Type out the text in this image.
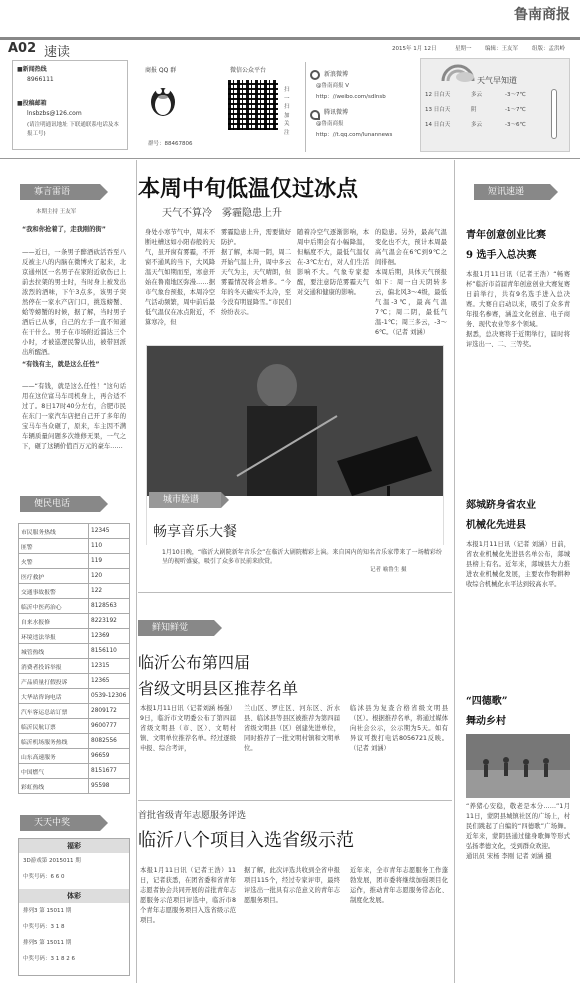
鲁南商报
A02 速读	2015年 1月 12日	星期一 编辑：王友军	组版：孟洪岭
■新闻热线
8966111
■投稿邮箱
lnsbzbs@126.com
(请注明通讯地址 下联通联系电话及本报工号)
商报 QQ 群
群号：88467806
微信公众平台
扫一扫 加关注
新浪微博
@鲁南商报 V
http：//weibo.com/sdlnsb
腾讯微博
@鲁南商报
http：//t.qq.com/lunannews
天气早知道
12 日白天	多云	-3～7℃
13 日白天	阴	-1～7℃
14 日白天	多云	-3～6℃
寡言雷语
本期主持 王友军
“我和你抢着了，走我刚的街”
——近日，一条男子醉酒砍活吞至八反被主八的内脑在微博火了起来，北京通州区一名男子在家附近砍伤已上前去拉架的男士时，当时身上被发出浓烈的酒味，下午3点多，该男子突然停在一家水产店门口，挑选螃蟹、蛤等螃蟹的时候，据了解，当时男子酒后已从事，自己的左手一直不知道在干什么。男子在市场附近溜达三个小时，才被巡逻民警认出，被带回派出所醒酒。
“有钱有主，就是这么任性”
——“有钱，就是这么任性！”这句话用在这位富马车司机身上，再合适不过了。8日17时40分左右，合肥市民在东门一家汽车店把自己开了多年的宝马车当众砸了，原来，车主因不满车辆质量问题多次维修无果，一气之下，砸了这辆价值百万元的豪车……
便民电话
市民服务热线	12345
匪警	110
火警	119
医疗救护	120
交通事故报警	122
临沂中医药治心	8128563
自来水报修	8223192
环境违法举报	12369
城管热线	8156110
消费者投诉举报	12315
产品质量打假投诉	12365
大华站咨询电话	0539-12306
汽车客运总站订票	2809172
临沂民航订票	9600777
临沂机场服务热线	8082556
山东高速服务	96659
中国燃气	8151677
彩虹热线	95598
天天中奖
福彩
3D游戏第 2015011 期
中奖号码：6 6 0
体彩
排列3 第 15011 期
中奖号码：3 1 8
排列5 第 15011 期
中奖号码：3 1 8 2 6
本周中旬低温仅过冰点
天气不算冷　雾霾隐患上升
身处小寒节气中，周末不断吐槽这如小阳春般的天气，虽开窗有雾霾，不开窗不通风的当下，大风降温天气如期而至，寒意开始在鲁南地区弥漫……据市气象台预报，本周冷空气活动频繁，周中前后最低气温仅在冰点附近，不算寒冷，但
雾霾隐患上升，需要做好防护。
据了解，本周一阴，周二开始气温上升，周中多云天气为主，天气晴朗，但雾霾情况将会增多。“今年的冬天确实不太冷，至今没有明显降雪。”市民们纷纷表示。
随着冷空气逐渐影响，本周中后期会有小幅降温，但幅度不大，最低气温仅在-3℃左右，对人们生活影响不大。气象专家提醒，要注意防范雾霾天气对交通和健康的影响。
的隐患。另外，最高气温变化也不大，预计本周最高气温会在6℃到9℃之间徘徊。
本周后期，具体天气预报如下：周一白天阴转多云，偏北风3～4级，最低气温-3℃，最高气温7℃；周二阴，最低气温-1℃；周三多云，-3～6℃。（记者 刘涵）
城市脸谱
畅享音乐大餐
1月10日晚，“临沂大剧院新年音乐会”在临沂大剧院精彩上演。来自国内的知名音乐家带来了一场精彩纷呈的视听盛宴，吸引了众多市民前来欣赏。
记者 喻鲁生 摄
鲜知鲜觉
临沂公布第四届
省级文明县区推荐名单
本报1月11日讯（记者刘涵 杨强）9日，临沂市文明委公布了第四届省级文明县（市、区）、文明村镇、文明单位推荐名单。经过逐级申报、综合考评，
兰山区、罗庄区、河东区、沂水县、临沭县等县区被推荐为第四届省级文明县（区）创建先进单位，同时推荐了一批文明村镇和文明单位。
临沭县为复查合格省级文明县（区）。根据推荐名单，将通过媒体向社会公示，公示期为5天。如有异议可拨打电话8056721反映。（记者 刘涵）
首批省级青年志愿服务评选
临沂八个项目入选省级示范
本报1月11日讯（记者王浩）11日，记者获悉，在团省委和省青年志愿者协会共同开展的首批青年志愿服务示范项目评选中，临沂市8个青年志愿服务项目入选省级示范项目。
据了解，此次评选共收到全省申报项目115个，经过专家评审，最终评选出一批具有示范意义的青年志愿服务项目。
近年来，全市青年志愿服务工作蓬勃发展，团市委将继续加强项目化运作，推动青年志愿服务常态化、制度化发展。
短讯速递
青年创意创业比赛
9 选手入总决赛
本报1月11日讯（记者王浩）“畅赛杯”临沂市首届青年创意创业大赛复赛日前举行，共有9名选手进入总决赛。大赛自启动以来，吸引了众多青年报名参赛，涵盖文化创意、电子商务、现代农业等多个领域。
据悉，总决赛将于近期举行，届时将评选出一、二、三等奖。
郯城跻身省农业
机械化先进县
本报1月11日讯（记者 刘涵）日前，省农业机械化先进县名单公布，郯城县榜上有名。近年来，郯城县大力推进农业机械化发展，主要农作物耕种收综合机械化水平达到较高水平。
“四德歌”
舞动乡村
“养猪心安稳，敬老是本分……”1月11日，蒙阴县城镇社区的广场上，村民们跳起了自编的“四德歌”广场舞。近年来，蒙阴县通过健身歌舞等形式弘扬孝德文化，受到群众欢迎。
通讯员 宋杨 李刚 记者 刘涵 摄
